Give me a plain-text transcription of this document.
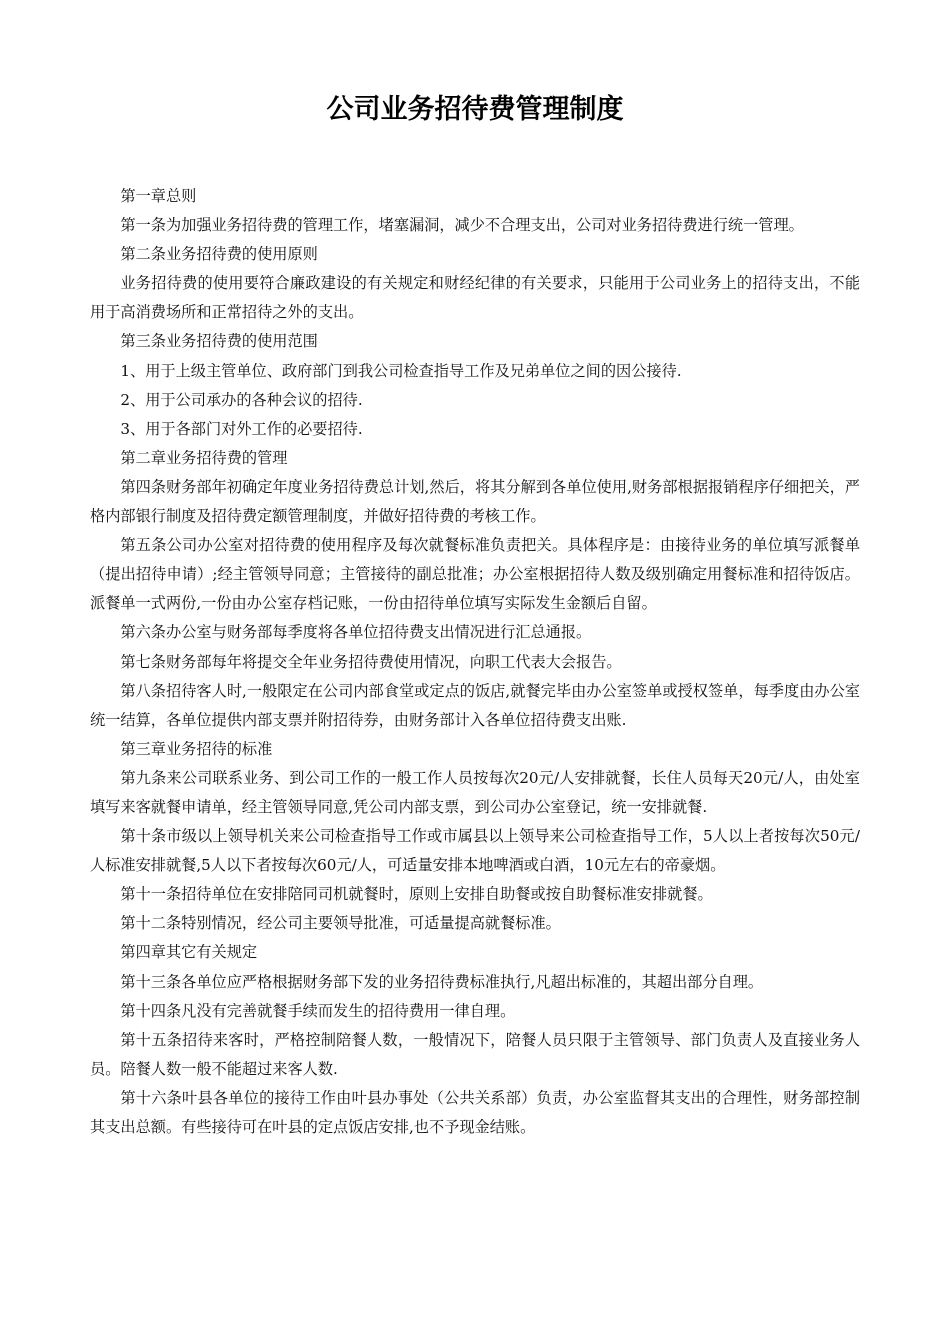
公司业务招待费管理制度

第一章总则

第一条为加强业务招待费的管理工作，堵塞漏洞，减少不合理支出，公司对业务招待费进行统一管理。

第二条业务招待费的使用原则

业务招待费的使用要符合廉政建设的有关规定和财经纪律的有关要求，只能用于公司业务上的招待支出，不能用于高消费场所和正常招待之外的支出。

第三条业务招待费的使用范围

1、用于上级主管单位、政府部门到我公司检查指导工作及兄弟单位之间的因公接待.

2、用于公司承办的各种会议的招待.

3、用于各部门对外工作的必要招待.

第二章业务招待费的管理

第四条财务部年初确定年度业务招待费总计划,然后，将其分解到各单位使用,财务部根据报销程序仔细把关，严格内部银行制度及招待费定额管理制度，并做好招待费的考核工作。

第五条公司办公室对招待费的使用程序及每次就餐标准负责把关。具体程序是：由接待业务的单位填写派餐单（提出招待申请）;经主管领导同意；主管接待的副总批准；办公室根据招待人数及级别确定用餐标准和招待饭店。派餐单一式两份,一份由办公室存档记账，一份由招待单位填写实际发生金额后自留。

第六条办公室与财务部每季度将各单位招待费支出情况进行汇总通报。

第七条财务部每年将提交全年业务招待费使用情况，向职工代表大会报告。

第八条招待客人时,一般限定在公司内部食堂或定点的饭店,就餐完毕由办公室签单或授权签单，每季度由办公室统一结算，各单位提供内部支票并附招待券，由财务部计入各单位招待费支出账.

第三章业务招待的标准

第九条来公司联系业务、到公司工作的一般工作人员按每次20元/人安排就餐，长住人员每天20元/人，由处室填写来客就餐申请单，经主管领导同意,凭公司内部支票，到公司办公室登记，统一安排就餐.

第十条市级以上领导机关来公司检查指导工作或市属县以上领导来公司检查指导工作，5人以上者按每次50元/人标准安排就餐,5人以下者按每次60元/人，可适量安排本地啤酒或白酒，10元左右的帝豪烟。

第十一条招待单位在安排陪同司机就餐时，原则上安排自助餐或按自助餐标准安排就餐。

第十二条特别情况，经公司主要领导批准，可适量提高就餐标准。

第四章其它有关规定

第十三条各单位应严格根据财务部下发的业务招待费标准执行,凡超出标准的，其超出部分自理。

第十四条凡没有完善就餐手续而发生的招待费用一律自理。

第十五条招待来客时，严格控制陪餐人数，一般情况下，陪餐人员只限于主管领导、部门负责人及直接业务人员。陪餐人数一般不能超过来客人数.

第十六条叶县各单位的接待工作由叶县办事处（公共关系部）负责，办公室监督其支出的合理性，财务部控制其支出总额。有些接待可在叶县的定点饭店安排,也不予现金结账。
